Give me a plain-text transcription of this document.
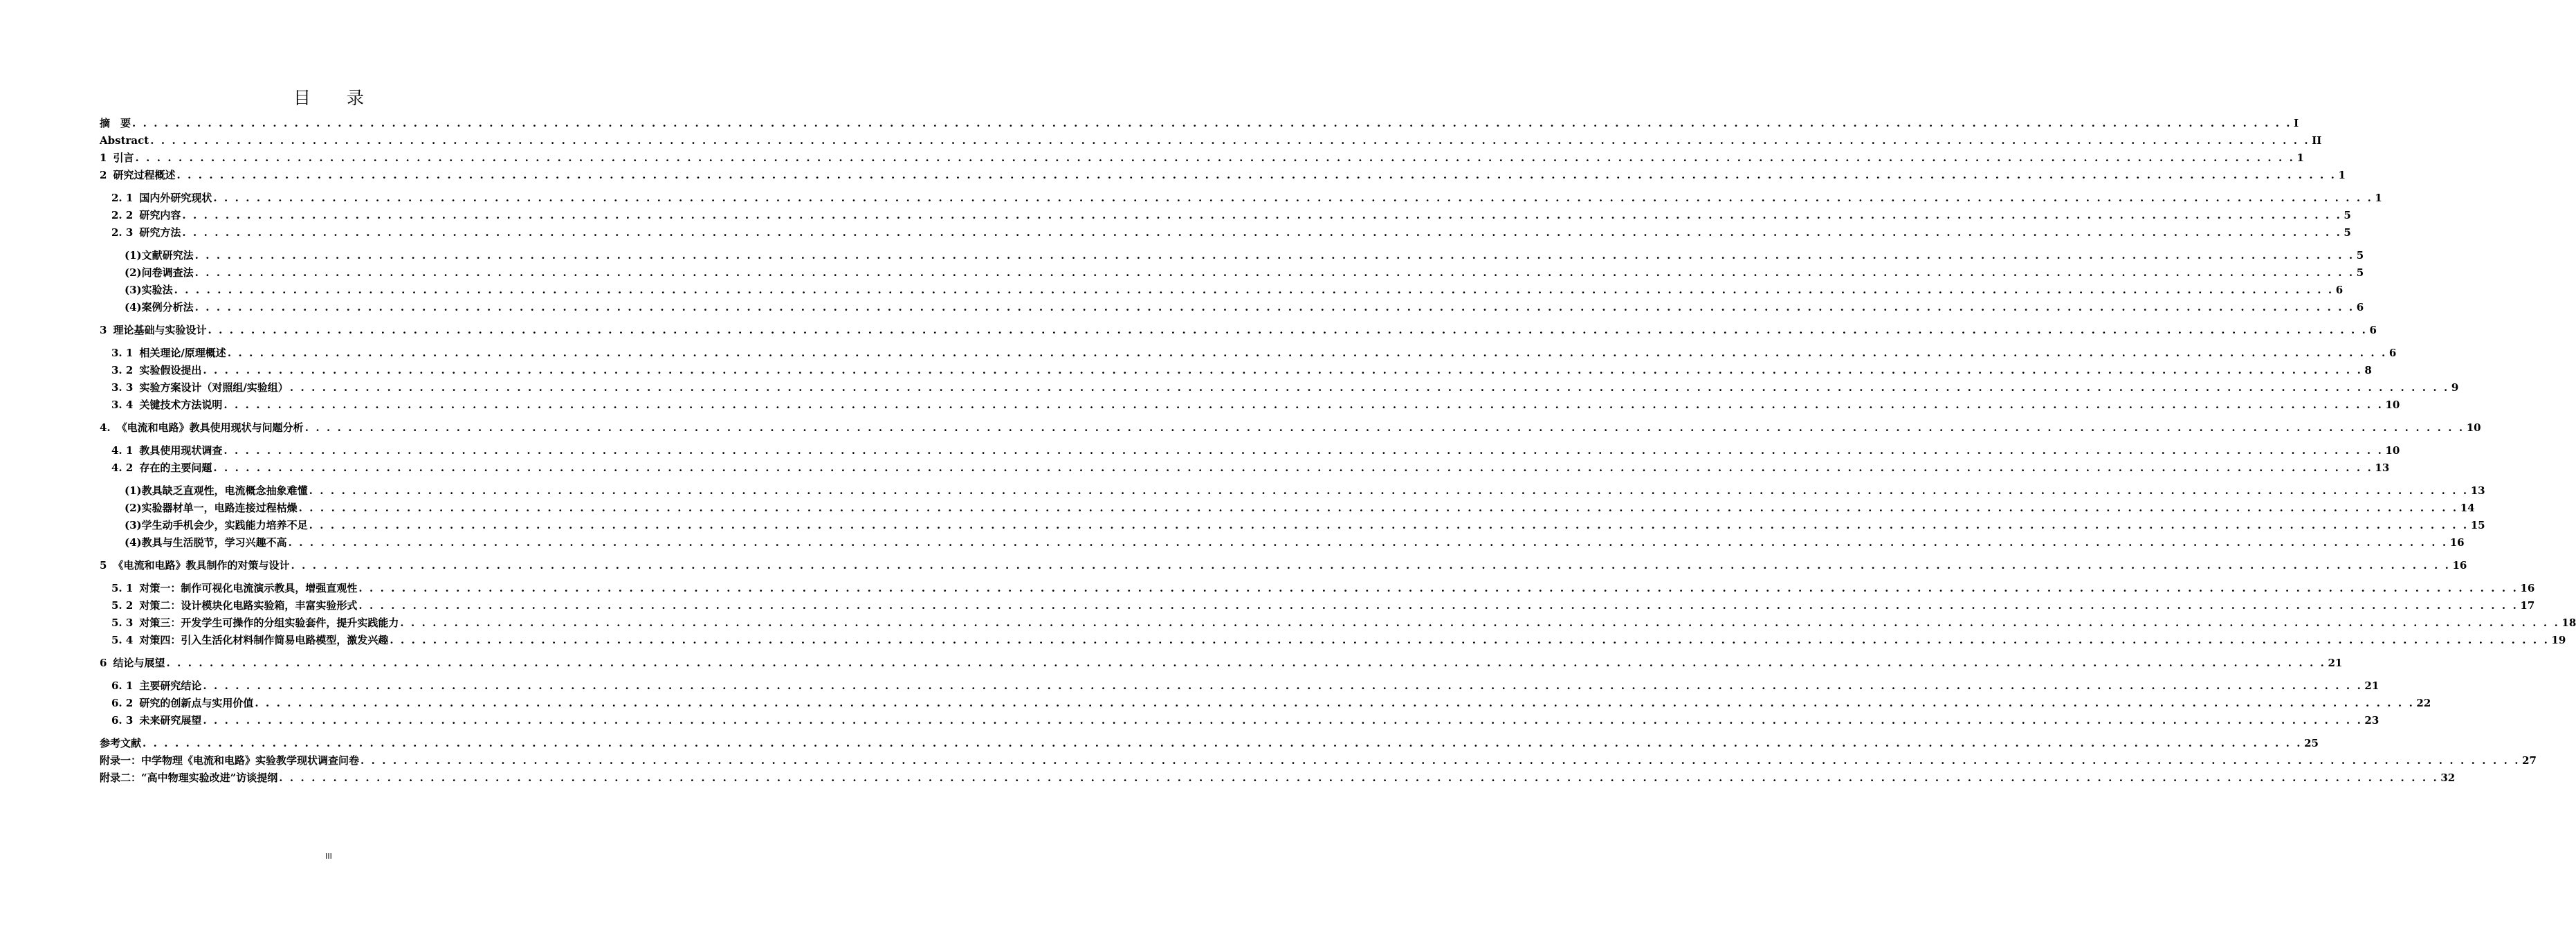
目 录
摘　要 . . . . . . . . . . . . . . . . . . . . . . . . . . . . . . . . . . . . . . . . . . . . . . . . . . . . . . . . . . . . . . . . . . . . . . . . . . . . . . . . . . . . . . . . . . . . . . . . . . . . . . . . . . . . . . . . . . . . . . . . . . . . . . . . . . . . . . . . . . . . . . . . . . . . . . . . . . . . . . . . . . . . . . . . . . . . . . . . . . . . . . . . . . . . . . . . . . . . . . . . I
Abstract . . . . . . . . . . . . . . . . . . . . . . . . . . . . . . . . . . . . . . . . . . . . . . . . . . . . . . . . . . . . . . . . . . . . . . . . . . . . . . . . . . . . . . . . . . . . . . . . . . . . . . . . . . . . . . . . . . . . . . . . . . . . . . . . . . . . . . . . . . . . . . . . . . . . . . . . . . . . . . . . . . . . . . . . . . . . . . . . . . . . . . . . . . . . . . . . . . . . . . . . II
1 引言 . . . . . . . . . . . . . . . . . . . . . . . . . . . . . . . . . . . . . . . . . . . . . . . . . . . . . . . . . . . . . . . . . . . . . . . . . . . . . . . . . . . . . . . . . . . . . . . . . . . . . . . . . . . . . . . . . . . . . . . . . . . . . . . . . . . . . . . . . . . . . . . . . . . . . . . . . . . . . . . . . . . . . . . . . . . . . . . . . . . . . . . . . . . . . . . . . . . . . . . . 1
2 研究过程概述 . . . . . . . . . . . . . . . . . . . . . . . . . . . . . . . . . . . . . . . . . . . . . . . . . . . . . . . . . . . . . . . . . . . . . . . . . . . . . . . . . . . . . . . . . . . . . . . . . . . . . . . . . . . . . . . . . . . . . . . . . . . . . . . . . . . . . . . . . . . . . . . . . . . . . . . . . . . . . . . . . . . . . . . . . . . . . . . . . . . . . . . . . . . . . . . . . . . . . . . . 1
2. 1 国内外研究现状 . . . . . . . . . . . . . . . . . . . . . . . . . . . . . . . . . . . . . . . . . . . . . . . . . . . . . . . . . . . . . . . . . . . . . . . . . . . . . . . . . . . . . . . . . . . . . . . . . . . . . . . . . . . . . . . . . . . . . . . . . . . . . . . . . . . . . . . . . . . . . . . . . . . . . . . . . . . . . . . . . . . . . . . . . . . . . . . . . . . . . . . . . . . . . . . . . . . . . . . . 1
2. 2 研究内容 . . . . . . . . . . . . . . . . . . . . . . . . . . . . . . . . . . . . . . . . . . . . . . . . . . . . . . . . . . . . . . . . . . . . . . . . . . . . . . . . . . . . . . . . . . . . . . . . . . . . . . . . . . . . . . . . . . . . . . . . . . . . . . . . . . . . . . . . . . . . . . . . . . . . . . . . . . . . . . . . . . . . . . . . . . . . . . . . . . . . . . . . . . . . . . . . . . . . . . . . 5
2. 3 研究方法 . . . . . . . . . . . . . . . . . . . . . . . . . . . . . . . . . . . . . . . . . . . . . . . . . . . . . . . . . . . . . . . . . . . . . . . . . . . . . . . . . . . . . . . . . . . . . . . . . . . . . . . . . . . . . . . . . . . . . . . . . . . . . . . . . . . . . . . . . . . . . . . . . . . . . . . . . . . . . . . . . . . . . . . . . . . . . . . . . . . . . . . . . . . . . . . . . . . . . . . . 5
(1)文献研究法 . . . . . . . . . . . . . . . . . . . . . . . . . . . . . . . . . . . . . . . . . . . . . . . . . . . . . . . . . . . . . . . . . . . . . . . . . . . . . . . . . . . . . . . . . . . . . . . . . . . . . . . . . . . . . . . . . . . . . . . . . . . . . . . . . . . . . . . . . . . . . . . . . . . . . . . . . . . . . . . . . . . . . . . . . . . . . . . . . . . . . . . . . . . . . . . . . . . . . . . . 5
(2)问卷调查法 . . . . . . . . . . . . . . . . . . . . . . . . . . . . . . . . . . . . . . . . . . . . . . . . . . . . . . . . . . . . . . . . . . . . . . . . . . . . . . . . . . . . . . . . . . . . . . . . . . . . . . . . . . . . . . . . . . . . . . . . . . . . . . . . . . . . . . . . . . . . . . . . . . . . . . . . . . . . . . . . . . . . . . . . . . . . . . . . . . . . . . . . . . . . . . . . . . . . . . . . 5
(3)实验法 . . . . . . . . . . . . . . . . . . . . . . . . . . . . . . . . . . . . . . . . . . . . . . . . . . . . . . . . . . . . . . . . . . . . . . . . . . . . . . . . . . . . . . . . . . . . . . . . . . . . . . . . . . . . . . . . . . . . . . . . . . . . . . . . . . . . . . . . . . . . . . . . . . . . . . . . . . . . . . . . . . . . . . . . . . . . . . . . . . . . . . . . . . . . . . . . . . . . . . . . 6
(4)案例分析法 . . . . . . . . . . . . . . . . . . . . . . . . . . . . . . . . . . . . . . . . . . . . . . . . . . . . . . . . . . . . . . . . . . . . . . . . . . . . . . . . . . . . . . . . . . . . . . . . . . . . . . . . . . . . . . . . . . . . . . . . . . . . . . . . . . . . . . . . . . . . . . . . . . . . . . . . . . . . . . . . . . . . . . . . . . . . . . . . . . . . . . . . . . . . . . . . . . . . . . . . 6
3 理论基础与实验设计 . . . . . . . . . . . . . . . . . . . . . . . . . . . . . . . . . . . . . . . . . . . . . . . . . . . . . . . . . . . . . . . . . . . . . . . . . . . . . . . . . . . . . . . . . . . . . . . . . . . . . . . . . . . . . . . . . . . . . . . . . . . . . . . . . . . . . . . . . . . . . . . . . . . . . . . . . . . . . . . . . . . . . . . . . . . . . . . . . . . . . . . . . . . . . . . . . . . . . . . . 6
3. 1 相关理论/原理概述 . . . . . . . . . . . . . . . . . . . . . . . . . . . . . . . . . . . . . . . . . . . . . . . . . . . . . . . . . . . . . . . . . . . . . . . . . . . . . . . . . . . . . . . . . . . . . . . . . . . . . . . . . . . . . . . . . . . . . . . . . . . . . . . . . . . . . . . . . . . . . . . . . . . . . . . . . . . . . . . . . . . . . . . . . . . . . . . . . . . . . . . . . . . . . . . . . . . . . . . . 6
3. 2 实验假设提出 . . . . . . . . . . . . . . . . . . . . . . . . . . . . . . . . . . . . . . . . . . . . . . . . . . . . . . . . . . . . . . . . . . . . . . . . . . . . . . . . . . . . . . . . . . . . . . . . . . . . . . . . . . . . . . . . . . . . . . . . . . . . . . . . . . . . . . . . . . . . . . . . . . . . . . . . . . . . . . . . . . . . . . . . . . . . . . . . . . . . . . . . . . . . . . . . . . . . . . . . 8
3. 3 实验方案设计（对照组/实验组） . . . . . . . . . . . . . . . . . . . . . . . . . . . . . . . . . . . . . . . . . . . . . . . . . . . . . . . . . . . . . . . . . . . . . . . . . . . . . . . . . . . . . . . . . . . . . . . . . . . . . . . . . . . . . . . . . . . . . . . . . . . . . . . . . . . . . . . . . . . . . . . . . . . . . . . . . . . . . . . . . . . . . . . . . . . . . . . . . . . . . . . . . . . . . . . . . . . . . . . . 9
3. 4 关键技术方法说明 . . . . . . . . . . . . . . . . . . . . . . . . . . . . . . . . . . . . . . . . . . . . . . . . . . . . . . . . . . . . . . . . . . . . . . . . . . . . . . . . . . . . . . . . . . . . . . . . . . . . . . . . . . . . . . . . . . . . . . . . . . . . . . . . . . . . . . . . . . . . . . . . . . . . . . . . . . . . . . . . . . . . . . . . . . . . . . . . . . . . . . . . . . . . . . . . . . . . . . . . 10
4. 《电流和电路》教具使用现状与问题分析 . . . . . . . . . . . . . . . . . . . . . . . . . . . . . . . . . . . . . . . . . . . . . . . . . . . . . . . . . . . . . . . . . . . . . . . . . . . . . . . . . . . . . . . . . . . . . . . . . . . . . . . . . . . . . . . . . . . . . . . . . . . . . . . . . . . . . . . . . . . . . . . . . . . . . . . . . . . . . . . . . . . . . . . . . . . . . . . . . . . . . . . . . . . . . . . . . . . . . . . . 10
4. 1 教具使用现状调查 . . . . . . . . . . . . . . . . . . . . . . . . . . . . . . . . . . . . . . . . . . . . . . . . . . . . . . . . . . . . . . . . . . . . . . . . . . . . . . . . . . . . . . . . . . . . . . . . . . . . . . . . . . . . . . . . . . . . . . . . . . . . . . . . . . . . . . . . . . . . . . . . . . . . . . . . . . . . . . . . . . . . . . . . . . . . . . . . . . . . . . . . . . . . . . . . . . . . . . . . 10
4. 2 存在的主要问题 . . . . . . . . . . . . . . . . . . . . . . . . . . . . . . . . . . . . . . . . . . . . . . . . . . . . . . . . . . . . . . . . . . . . . . . . . . . . . . . . . . . . . . . . . . . . . . . . . . . . . . . . . . . . . . . . . . . . . . . . . . . . . . . . . . . . . . . . . . . . . . . . . . . . . . . . . . . . . . . . . . . . . . . . . . . . . . . . . . . . . . . . . . . . . . . . . . . . . . . . 13
(1)教具缺乏直观性，电流概念抽象难懂 . . . . . . . . . . . . . . . . . . . . . . . . . . . . . . . . . . . . . . . . . . . . . . . . . . . . . . . . . . . . . . . . . . . . . . . . . . . . . . . . . . . . . . . . . . . . . . . . . . . . . . . . . . . . . . . . . . . . . . . . . . . . . . . . . . . . . . . . . . . . . . . . . . . . . . . . . . . . . . . . . . . . . . . . . . . . . . . . . . . . . . . . . . . . . . . . . . . . . . . . 13
(2)实验器材单一，电路连接过程枯燥 . . . . . . . . . . . . . . . . . . . . . . . . . . . . . . . . . . . . . . . . . . . . . . . . . . . . . . . . . . . . . . . . . . . . . . . . . . . . . . . . . . . . . . . . . . . . . . . . . . . . . . . . . . . . . . . . . . . . . . . . . . . . . . . . . . . . . . . . . . . . . . . . . . . . . . . . . . . . . . . . . . . . . . . . . . . . . . . . . . . . . . . . . . . . . . . . . . . . . . . . 14
(3)学生动手机会少，实践能力培养不足 . . . . . . . . . . . . . . . . . . . . . . . . . . . . . . . . . . . . . . . . . . . . . . . . . . . . . . . . . . . . . . . . . . . . . . . . . . . . . . . . . . . . . . . . . . . . . . . . . . . . . . . . . . . . . . . . . . . . . . . . . . . . . . . . . . . . . . . . . . . . . . . . . . . . . . . . . . . . . . . . . . . . . . . . . . . . . . . . . . . . . . . . . . . . . . . . . . . . . . . . 15
(4)教具与生活脱节，学习兴趣不高 . . . . . . . . . . . . . . . . . . . . . . . . . . . . . . . . . . . . . . . . . . . . . . . . . . . . . . . . . . . . . . . . . . . . . . . . . . . . . . . . . . . . . . . . . . . . . . . . . . . . . . . . . . . . . . . . . . . . . . . . . . . . . . . . . . . . . . . . . . . . . . . . . . . . . . . . . . . . . . . . . . . . . . . . . . . . . . . . . . . . . . . . . . . . . . . . . . . . . . . . 16
5 《电流和电路》教具制作的对策与设计 . . . . . . . . . . . . . . . . . . . . . . . . . . . . . . . . . . . . . . . . . . . . . . . . . . . . . . . . . . . . . . . . . . . . . . . . . . . . . . . . . . . . . . . . . . . . . . . . . . . . . . . . . . . . . . . . . . . . . . . . . . . . . . . . . . . . . . . . . . . . . . . . . . . . . . . . . . . . . . . . . . . . . . . . . . . . . . . . . . . . . . . . . . . . . . . . . . . . . . . . 16
5. 1 对策一：制作可视化电流演示教具，增强直观性 . . . . . . . . . . . . . . . . . . . . . . . . . . . . . . . . . . . . . . . . . . . . . . . . . . . . . . . . . . . . . . . . . . . . . . . . . . . . . . . . . . . . . . . . . . . . . . . . . . . . . . . . . . . . . . . . . . . . . . . . . . . . . . . . . . . . . . . . . . . . . . . . . . . . . . . . . . . . . . . . . . . . . . . . . . . . . . . . . . . . . . . . . . . . . . . . . . . . . . . . 16
5. 2 对策二：设计模块化电路实验箱，丰富实验形式 . . . . . . . . . . . . . . . . . . . . . . . . . . . . . . . . . . . . . . . . . . . . . . . . . . . . . . . . . . . . . . . . . . . . . . . . . . . . . . . . . . . . . . . . . . . . . . . . . . . . . . . . . . . . . . . . . . . . . . . . . . . . . . . . . . . . . . . . . . . . . . . . . . . . . . . . . . . . . . . . . . . . . . . . . . . . . . . . . . . . . . . . . . . . . . . . . . . . . . . . 17
5. 3 对策三：开发学生可操作的分组实验套件，提升实践能力 . . . . . . . . . . . . . . . . . . . . . . . . . . . . . . . . . . . . . . . . . . . . . . . . . . . . . . . . . . . . . . . . . . . . . . . . . . . . . . . . . . . . . . . . . . . . . . . . . . . . . . . . . . . . . . . . . . . . . . . . . . . . . . . . . . . . . . . . . . . . . . . . . . . . . . . . . . . . . . . . . . . . . . . . . . . . . . . . . . . . . . . . . . . . . . . . . . . . . . . . 18
5. 4 对策四：引入生活化材料制作简易电路模型，激发兴趣 . . . . . . . . . . . . . . . . . . . . . . . . . . . . . . . . . . . . . . . . . . . . . . . . . . . . . . . . . . . . . . . . . . . . . . . . . . . . . . . . . . . . . . . . . . . . . . . . . . . . . . . . . . . . . . . . . . . . . . . . . . . . . . . . . . . . . . . . . . . . . . . . . . . . . . . . . . . . . . . . . . . . . . . . . . . . . . . . . . . . . . . . . . . . . . . . . . . . . . . . 19
6 结论与展望 . . . . . . . . . . . . . . . . . . . . . . . . . . . . . . . . . . . . . . . . . . . . . . . . . . . . . . . . . . . . . . . . . . . . . . . . . . . . . . . . . . . . . . . . . . . . . . . . . . . . . . . . . . . . . . . . . . . . . . . . . . . . . . . . . . . . . . . . . . . . . . . . . . . . . . . . . . . . . . . . . . . . . . . . . . . . . . . . . . . . . . . . . . . . . . . . . . . . . . . . 21
6. 1 主要研究结论 . . . . . . . . . . . . . . . . . . . . . . . . . . . . . . . . . . . . . . . . . . . . . . . . . . . . . . . . . . . . . . . . . . . . . . . . . . . . . . . . . . . . . . . . . . . . . . . . . . . . . . . . . . . . . . . . . . . . . . . . . . . . . . . . . . . . . . . . . . . . . . . . . . . . . . . . . . . . . . . . . . . . . . . . . . . . . . . . . . . . . . . . . . . . . . . . . . . . . . . . 21
6. 2 研究的创新点与实用价值 . . . . . . . . . . . . . . . . . . . . . . . . . . . . . . . . . . . . . . . . . . . . . . . . . . . . . . . . . . . . . . . . . . . . . . . . . . . . . . . . . . . . . . . . . . . . . . . . . . . . . . . . . . . . . . . . . . . . . . . . . . . . . . . . . . . . . . . . . . . . . . . . . . . . . . . . . . . . . . . . . . . . . . . . . . . . . . . . . . . . . . . . . . . . . . . . . . . . . . . . 22
6. 3 未来研究展望 . . . . . . . . . . . . . . . . . . . . . . . . . . . . . . . . . . . . . . . . . . . . . . . . . . . . . . . . . . . . . . . . . . . . . . . . . . . . . . . . . . . . . . . . . . . . . . . . . . . . . . . . . . . . . . . . . . . . . . . . . . . . . . . . . . . . . . . . . . . . . . . . . . . . . . . . . . . . . . . . . . . . . . . . . . . . . . . . . . . . . . . . . . . . . . . . . . . . . . . . 23
参考文献 . . . . . . . . . . . . . . . . . . . . . . . . . . . . . . . . . . . . . . . . . . . . . . . . . . . . . . . . . . . . . . . . . . . . . . . . . . . . . . . . . . . . . . . . . . . . . . . . . . . . . . . . . . . . . . . . . . . . . . . . . . . . . . . . . . . . . . . . . . . . . . . . . . . . . . . . . . . . . . . . . . . . . . . . . . . . . . . . . . . . . . . . . . . . . . . . . . . . . . . . 25
附录一：中学物理《电流和电路》实验教学现状调查问卷 . . . . . . . . . . . . . . . . . . . . . . . . . . . . . . . . . . . . . . . . . . . . . . . . . . . . . . . . . . . . . . . . . . . . . . . . . . . . . . . . . . . . . . . . . . . . . . . . . . . . . . . . . . . . . . . . . . . . . . . . . . . . . . . . . . . . . . . . . . . . . . . . . . . . . . . . . . . . . . . . . . . . . . . . . . . . . . . . . . . . . . . . . . . . . . . . . . . . . . . . 27
附录二：“高中物理实验改进”访谈提纲 . . . . . . . . . . . . . . . . . . . . . . . . . . . . . . . . . . . . . . . . . . . . . . . . . . . . . . . . . . . . . . . . . . . . . . . . . . . . . . . . . . . . . . . . . . . . . . . . . . . . . . . . . . . . . . . . . . . . . . . . . . . . . . . . . . . . . . . . . . . . . . . . . . . . . . . . . . . . . . . . . . . . . . . . . . . . . . . . . . . . . . . . . . . . . . . . . . . . . . . . 32
III
